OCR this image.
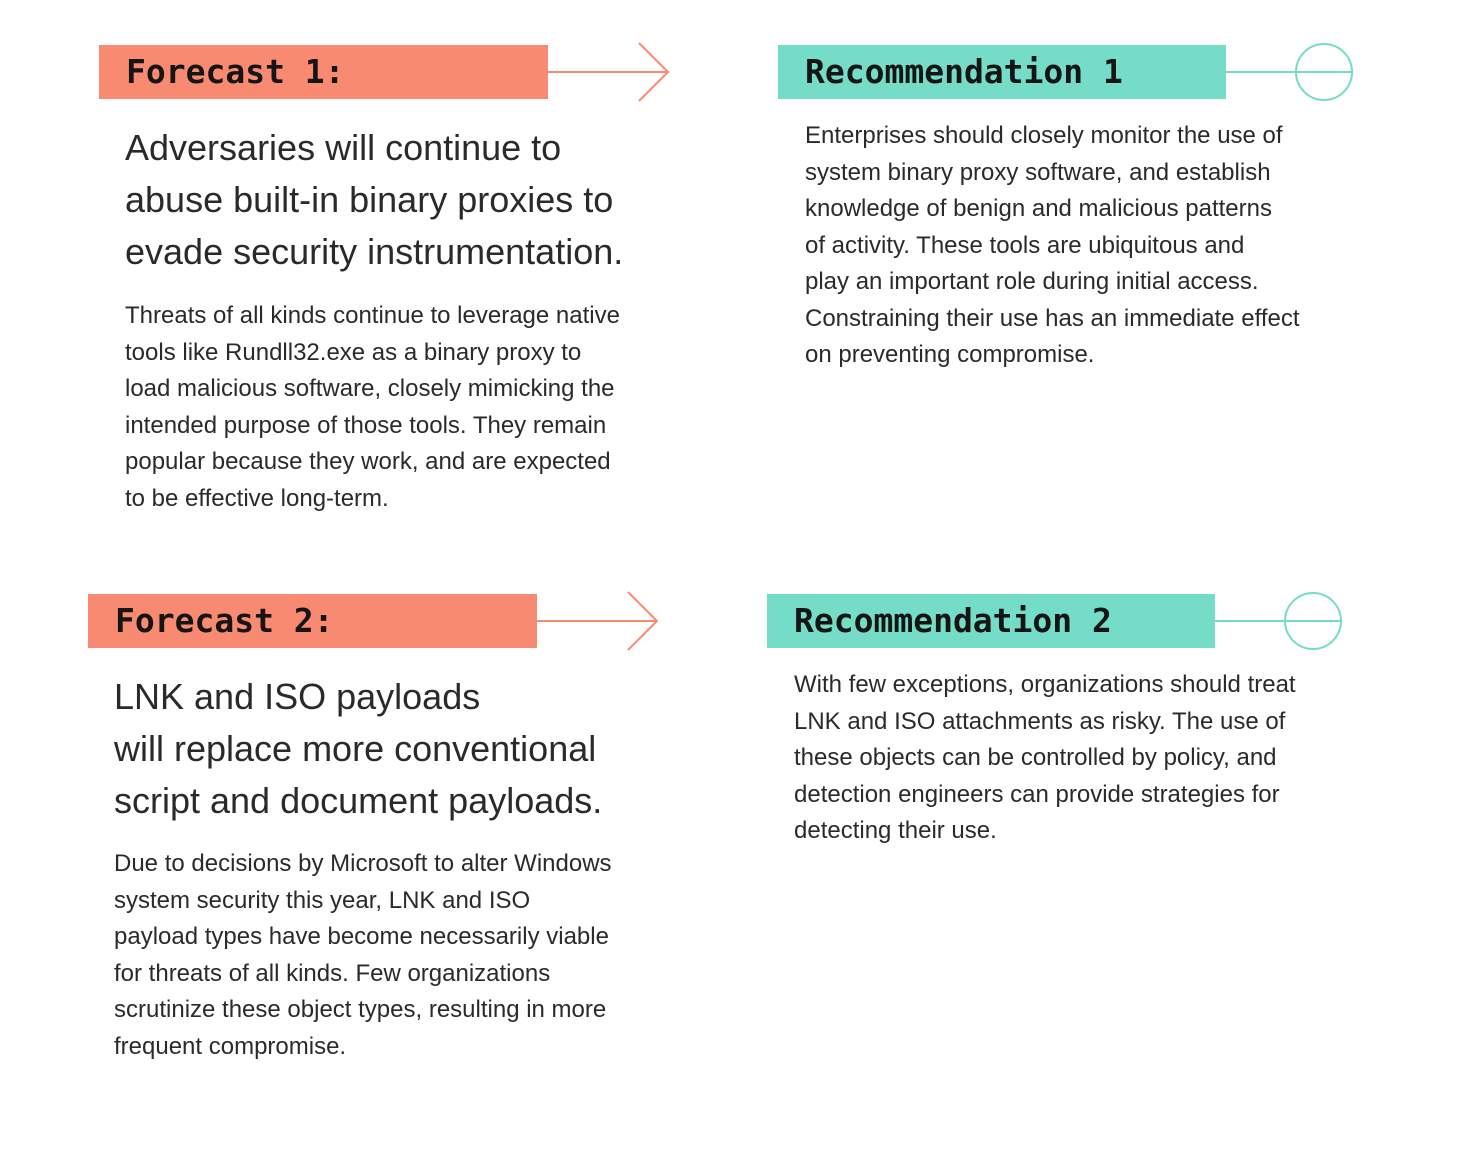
Forecast 1:
Adversaries will continue to
abuse built-in binary proxies to
evade security instrumentation.
Threats of all kinds continue to leverage native
tools like Rundll32.exe as a binary proxy to
load malicious software, closely mimicking the
intended purpose of those tools. They remain
popular because they work, and are expected
to be effective long-term.
Recommendation 1
Enterprises should closely monitor the use of
system binary proxy software, and establish
knowledge of benign and malicious patterns
of activity. These tools are ubiquitous and
play an important role during initial access.
Constraining their use has an immediate effect
on preventing compromise.
Forecast 2:
LNK and ISO payloads
will replace more conventional
script and document payloads.
Due to decisions by Microsoft to alter Windows
system security this year, LNK and ISO
payload types have become necessarily viable
for threats of all kinds. Few organizations
scrutinize these object types, resulting in more
frequent compromise.
Recommendation 2
With few exceptions, organizations should treat
LNK and ISO attachments as risky. The use of
these objects can be controlled by policy, and
detection engineers can provide strategies for
detecting their use.
